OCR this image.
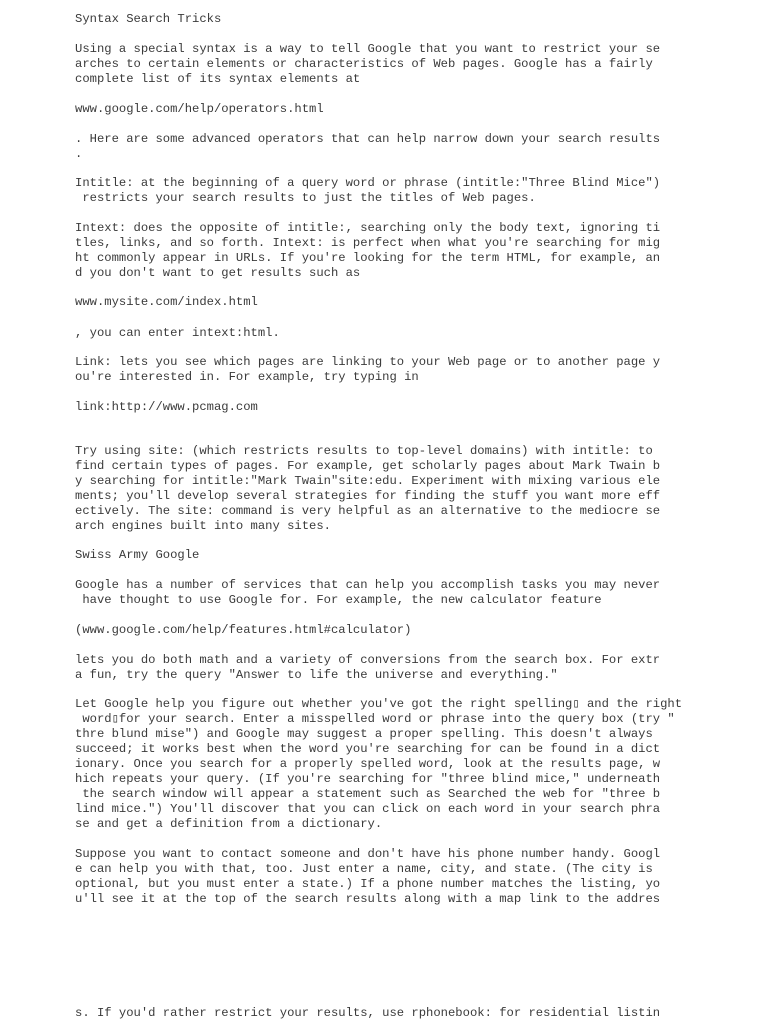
Syntax Search Tricks
Using a special syntax is a way to tell Google that you want to restrict your se
arches to certain elements or characteristics of Web pages. Google has a fairly
complete list of its syntax elements at
www.google.com/help/operators.html
. Here are some advanced operators that can help narrow down your search results
.
Intitle: at the beginning of a query word or phrase (intitle:"Three Blind Mice")
restricts your search results to just the titles of Web pages.
Intext: does the opposite of intitle:, searching only the body text, ignoring ti
tles, links, and so forth. Intext: is perfect when what you're searching for mig
ht commonly appear in URLs. If you're looking for the term HTML, for example, an
d you don't want to get results such as
www.mysite.com/index.html
, you can enter intext:html.
Link: lets you see which pages are linking to your Web page or to another page y
ou're interested in. For example, try typing in
link:http://www.pcmag.com
Try using site: (which restricts results to top-level domains) with intitle: to
find certain types of pages. For example, get scholarly pages about Mark Twain b
y searching for intitle:"Mark Twain"site:edu. Experiment with mixing various ele
ments; you'll develop several strategies for finding the stuff you want more eff
ectively. The site: command is very helpful as an alternative to the mediocre se
arch engines built into many sites.
Swiss Army Google
Google has a number of services that can help you accomplish tasks you may never
have thought to use Google for. For example, the new calculator feature
(www.google.com/help/features.html#calculator)
lets you do both math and a variety of conversions from the search box. For extr
a fun, try the query "Answer to life the universe and everything."
Let Google help you figure out whether you've got the right spelling▯ and the right
word▯for your search. Enter a misspelled word or phrase into the query box (try "
thre blund mise") and Google may suggest a proper spelling. This doesn't always
succeed; it works best when the word you're searching for can be found in a dict
ionary. Once you search for a properly spelled word, look at the results page, w
hich repeats your query. (If you're searching for "three blind mice," underneath
the search window will appear a statement such as Searched the web for "three b
lind mice.") You'll discover that you can click on each word in your search phra
se and get a definition from a dictionary.
Suppose you want to contact someone and don't have his phone number handy. Googl
e can help you with that, too. Just enter a name, city, and state. (The city is
optional, but you must enter a state.) If a phone number matches the listing, yo
u'll see it at the top of the search results along with a map link to the addres
s. If you'd rather restrict your results, use rphonebook: for residential listin
